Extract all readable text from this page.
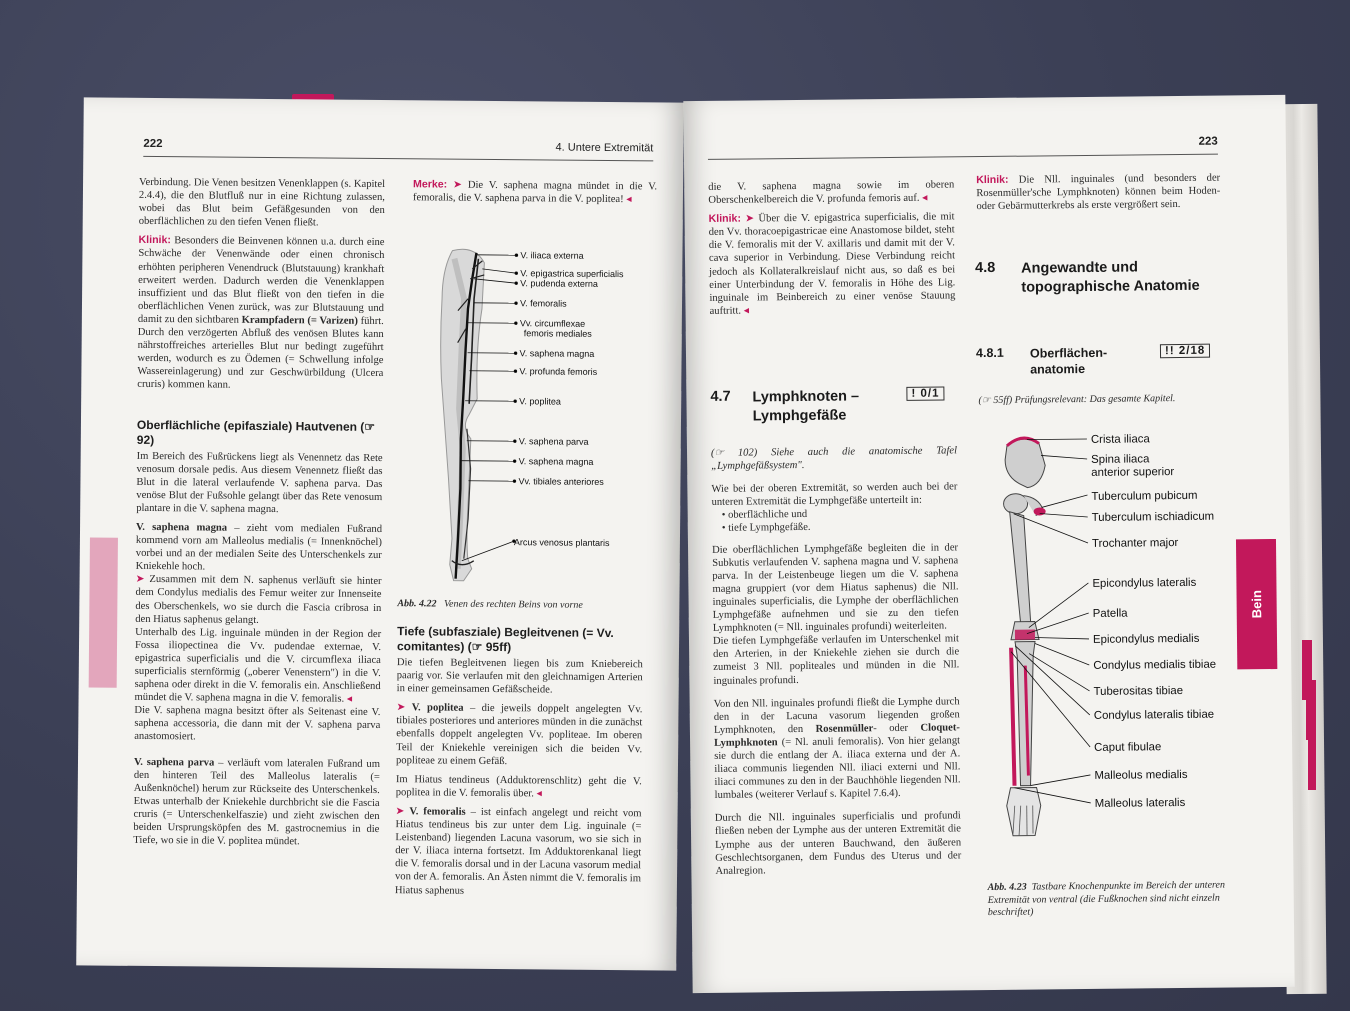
222	4. Untere Extremität

Verbindung. Die Venen besitzen Venenklappen (s. Kapitel 2.4.4), die den Blutfluß nur in eine Richtung zulassen, wobei das Blut beim Gefäßgesunden von den oberflächlichen zu den tiefen Venen fließt.

Klinik: Besonders die Beinvenen können u.a. durch eine Schwäche der Venenwände oder einen chronisch erhöhten peripheren Venendruck (Blutstauung) krankhaft erweitert werden. Dadurch werden die Venenklappen insuffizient und das Blut fließt von den tiefen in die oberflächlichen Venen zurück, was zur Blutstauung und damit zu den sichtbaren Krampfadern (= Varizen) führt. Durch den verzögerten Abfluß des venösen Blutes kann nährstoffreiches arterielles Blut nur bedingt zugeführt werden, wodurch es zu Ödemen (= Schwellung infolge Wassereinlagerung) und zur Geschwürbildung (Ulcera cruris) kommen kann.

Oberflächliche (epifasziale) Hautvenen (☞ 92)

Im Bereich des Fußrückens liegt als Venennetz das Rete venosum dorsale pedis. Aus diesem Venennetz fließt das Blut in die lateral verlaufende V. saphena parva. Das venöse Blut der Fußsohle gelangt über das Rete venosum plantare in die V. saphena magna.

V. saphena magna – zieht vom medialen Fußrand kommend vorn am Malleolus medialis (= Innenknöchel) vorbei und an der medialen Seite des Unterschenkels zur Kniekehle hoch.
➤ Zusammen mit dem N. saphenus verläuft sie hinter dem Condylus medialis des Femur weiter zur Innenseite des Oberschenkels, wo sie durch die Fascia cribrosa in den Hiatus saphenus gelangt.
Unterhalb des Lig. inguinale münden in der Region der Fossa iliopectinea die Vv. pudendae externae, V. epigastrica superficialis und die V. circumflexa iliaca superficialis sternförmig („oberer Venenstern") in die V. saphena oder direkt in die V. femoralis ein. Anschließend mündet die V. saphena magna in die V. femoralis. ◂
Die V. saphena magna besitzt öfter als Seitenast eine V. saphena accessoria, die dann mit der V. saphena parva anastomosiert.

V. saphena parva – verläuft vom lateralen Fußrand um den hinteren Teil des Malleolus lateralis (= Außenknöchel) herum zur Rückseite des Unterschenkels. Etwas unterhalb der Kniekehle durchbricht sie die Fascia cruris (= Unterschenkelfaszie) und zieht zwischen den beiden Ursprungsköpfen des M. gastrocnemius in die Tiefe, wo sie in die V. poplitea mündet.

Merke: ➤ Die V. saphena magna mündet in die V. femoralis, die V. saphena parva in die V. poplitea! ◂

V. iliaca externa
V. epigastrica superficialis
V. pudenda externa
V. femoralis
Vv. circumflexae
femoris mediales
V. saphena magna
V. profunda femoris
V. poplitea
V. saphena parva
V. saphena magna
Vv. tibiales anteriores
Arcus venosus plantaris
Abb. 4.22 Venen des rechten Beins von vorne
Tiefe (subfasziale) Begleitvenen (= Vv. comitantes) (☞ 95ff)

Die tiefen Begleitvenen liegen bis zum Kniebereich paarig vor. Sie verlaufen mit den gleichnamigen Arterien in einer gemeinsamen Gefäßscheide.

➤ V. poplitea – die jeweils doppelt angelegten Vv. tibiales posteriores und anteriores münden in die zunächst ebenfalls doppelt angelegten Vv. popliteae. Im oberen Teil der Kniekehle vereinigen sich die beiden Vv. popliteae zu einem Gefäß.

Im Hiatus tendineus (Adduktorenschlitz) geht die V. poplitea in die V. femoralis über. ◂

➤ V. femoralis – ist einfach angelegt und reicht vom Hiatus tendineus bis zur unter dem Lig. inguinale (= Leistenband) liegenden Lacuna vasorum, wo sie sich in der V. iliaca interna fortsetzt. Im Adduktorenkanal liegt die V. femoralis dorsal und in der Lacuna vasorum medial von der A. femoralis. An Ästen nimmt die V. femoralis im Hiatus saphenus

223

die V. saphena magna sowie im oberen Oberschenkelbereich die V. profunda femoris auf. ◂

Klinik: ➤ Über die V. epigastrica superficialis, die mit den Vv. thoracoepigastricae eine Anastomose bildet, steht die V. femoralis mit der V. axillaris und damit mit der V. cava superior in Verbindung. Diese Verbindung reicht jedoch als Kollateralkreislauf nicht aus, so daß es bei einer Unterbindung der V. femoralis in Höhe des Lig. inguinale im Beinbereich zu einer venöse Stauung auftritt. ◂

4.7 Lymphknoten – Lymphgefäße
! 0/1

(☞ 102) Siehe auch die anatomische Tafel „Lymphgefäßsystem".

Wie bei der oberen Extremität, so werden auch bei der unteren Extremität die Lymphgefäße unterteilt in:

• oberflächliche und
• tiefe Lymphgefäße.

Die oberflächlichen Lymphgefäße begleiten die in der Subkutis verlaufenden V. saphena magna und V. saphena parva. In der Leistenbeuge liegen um die V. saphena magna gruppiert (vor dem Hiatus saphenus) die Nll. inguinales superficialis, die Lymphe der oberflächlichen Lymphgefäße aufnehmen und sie zu den tiefen Lymphknoten (= Nll. inguinales profundi) weiterleiten.

Die tiefen Lymphgefäße verlaufen im Unterschenkel mit den Arterien, in der Kniekehle ziehen sie durch die zumeist 3 Nll. popliteales und münden in die Nll. inguinales profundi.

Von den Nll. inguinales profundi fließt die Lymphe durch den in der Lacuna vasorum liegenden großen Lymphknoten, den Rosenmüller- oder Cloquet-Lymphknoten (= Nl. anuli femoralis). Von hier gelangt sie durch die entlang der A. iliaca externa und der A. iliaca communis liegenden Nll. iliaci externi und Nll. iliaci communes zu den in der Bauchhöhle liegenden Nll. lumbales (weiterer Verlauf s. Kapitel 7.6.4).

Durch die Nll. inguinales superficialis und profundi fließen neben der Lymphe aus der unteren Extremität die Lymphe aus der unteren Bauchwand, den äußeren Geschlechtsorganen, dem Fundus des Uterus und der Analregion.

Klinik: Die Nll. inguinales (und besonders der Rosenmüller'sche Lymphknoten) können beim Hoden- oder Gebärmutterkrebs als erste vergrößert sein.

4.8 Angewandte und topographische Anatomie
4.8.1 Oberflächenanatomie
!! 2/18

(☞ 55ff) Prüfungsrelevant: Das gesamte Kapitel.

Crista iliaca
Spina iliaca
anterior superior
Tuberculum pubicum
Tuberculum ischiadicum
Trochanter major
Epicondylus lateralis
Patella
Epicondylus medialis
Condylus medialis tibiae
Tuberositas tibiae
Condylus lateralis tibiae
Caput fibulae
Malleolus medialis
Malleolus lateralis
Abb. 4.23 Tastbare Knochenpunkte im Bereich der unteren Extremität von ventral (die Fußknochen sind nicht einzeln beschriftet)
Bein
